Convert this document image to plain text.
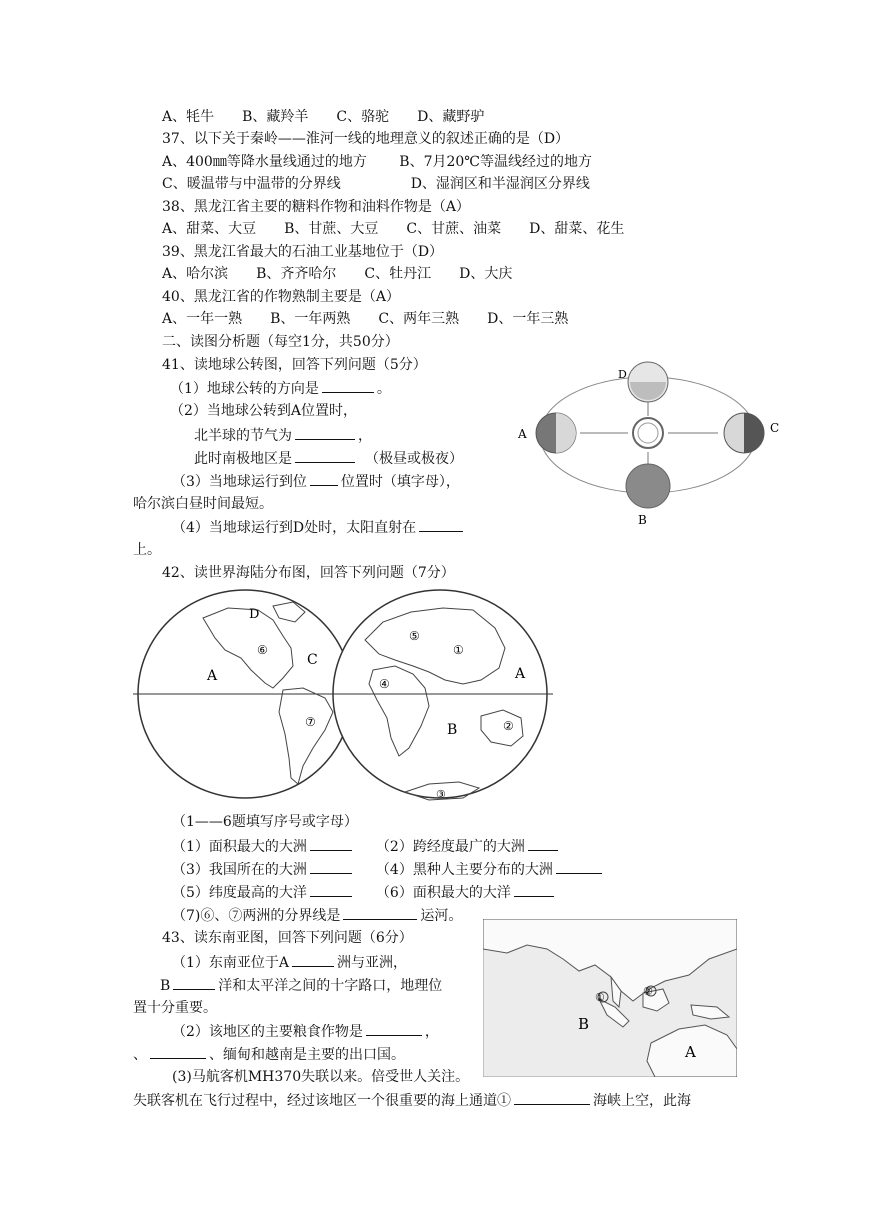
A、牦牛　　B、藏羚羊　　C、骆驼　　D、藏野驴
37、以下关于秦岭——淮河一线的地理意义的叙述正确的是（D）
A、400㎜等降水量线通过的地方　　 B、7月20℃等温线经过的地方
C、暖温带与中温带的分界线　　　　　D、湿润区和半湿润区分界线
38、黑龙江省主要的糖料作物和油料作物是（A）
A、甜菜、大豆　　B、甘蔗、大豆　　C、甘蔗、油菜　　D、甜菜、花生
39、黑龙江省最大的石油工业基地位于（D）
A、哈尔滨　　B、齐齐哈尔　　C、牡丹江　　D、大庆
40、黑龙江省的作物熟制主要是（A）
A、一年一熟　　B、一年两熟　　C、两年三熟　　D、一年三熟
二、读图分析题（每空1分，共50分）
41、读地球公转图，回答下列问题（5分）
（1）地球公转的方向是	。
（2）当地球公转到A位置时，
北半球的节气为	，
此时南极地区是	　（极昼或极夜）
（3）当地球运行到位 位置时（填字母），
哈尔滨白昼时间最短。
（4）当地球运行到D处时，太阳直射在
上。
42、读世界海陆分布图，回答下列问题（7分）
（1——6题填写序号或字母）
（1）面积最大的大洲	　　（2）跨经度最广的大洲
（3）我国所在的大洲	　　（4）黑种人主要分布的大洲
（5）纬度最高的大洋	　　（6）面积最大的大洋
（7)⑥、⑦两洲的分界线是	运河。
43、读东南亚图，回答下列问题（6分）
（1）东南亚位于A	洲与亚洲，
B	洋和太平洋之间的十字路口，地理位
置十分重要。
（2）该地区的主要粮食作物是	，
、	、缅甸和越南是主要的出口国。
(3)马航客机MH370失联以来。倍受世人关注。
失联客机在飞行过程中，经过该地区一个很重要的海上通道①	海峡上空，此海
D
A	C
B
D
⑥
A
C
⑦
⑤
①
A
④
B	②
③
①	②
B
A
